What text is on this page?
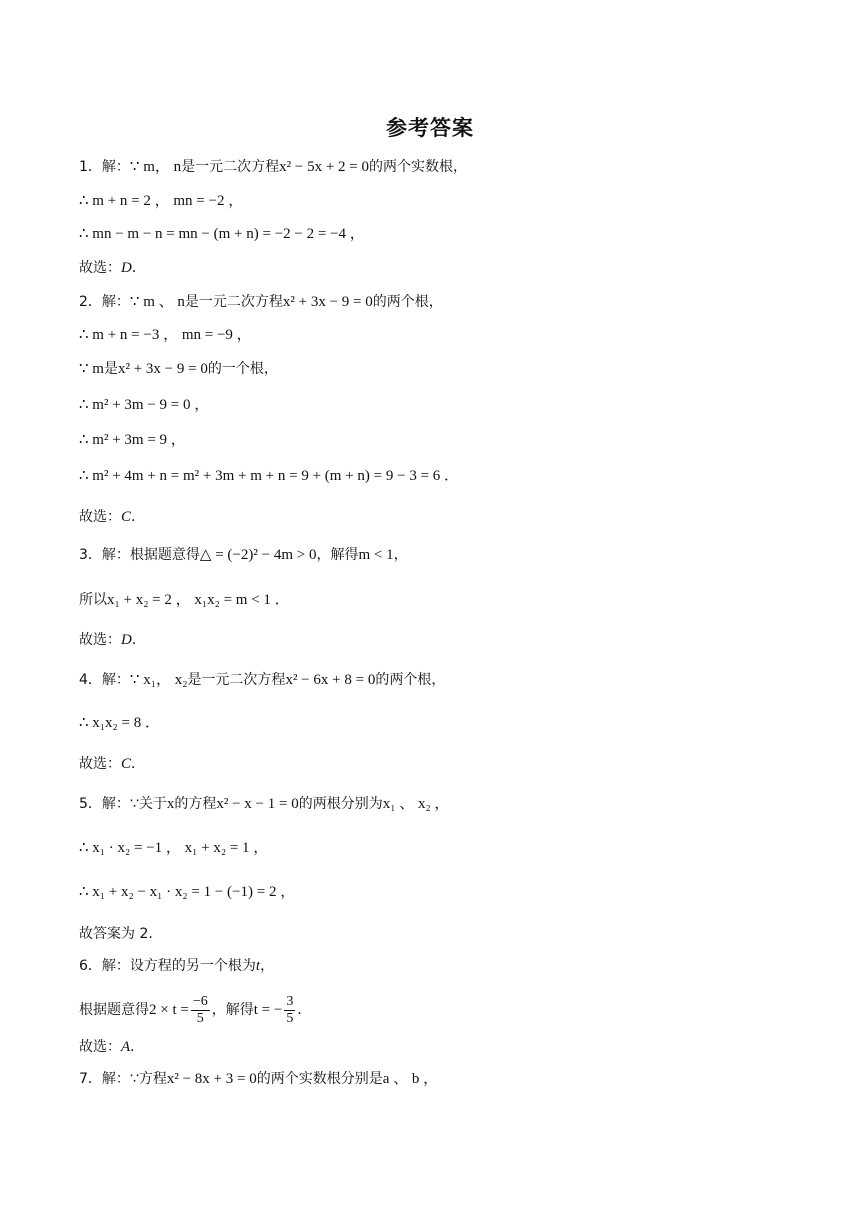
参考答案
1．解：∵ m， n是一元二次方程x² − 5x + 2 = 0的两个实数根，
∴ m + n = 2 ， mn = −2 ，
∴ mn − m − n = mn − (m + n) = −2 − 2 = −4 ，
故选：D．
2．解：∵ m 、 n是一元二次方程x² + 3x − 9 = 0的两个根，
∴ m + n = −3 ， mn = −9 ，
∵ m是x² + 3x − 9 = 0的一个根，
∴ m² + 3m − 9 = 0 ，
∴ m² + 3m = 9 ，
∴ m² + 4m + n = m² + 3m + m + n = 9 + (m + n) = 9 − 3 = 6 ．
故选：C．
3．解：根据题意得△ = (−2)² − 4m > 0，解得m < 1，
所以x₁ + x₂ = 2 ， x₁x₂ = m < 1 ．
故选：D．
4．解：∵ x₁， x₂是一元二次方程x² − 6x + 8 = 0的两个根，
∴ x₁x₂ = 8 ．
故选：C．
5．解：∵关于x的方程x² − x − 1 = 0的两根分别为x₁ 、 x₂ ，
∴ x₁ · x₂ = −1 ， x₁ + x₂ = 1 ，
∴ x₁ + x₂ − x₁ · x₂ = 1 − (−1) = 2 ，
故答案为 2.
6．解：设方程的另一个根为t，
根据题意得$2 \times t = \frac{-6}{5}$ ，解得t = − $\frac{3}{5}$ ．
故选：A．
7．解：∵方程x² − 8x + 3 = 0的两个实数根分别是a 、 b ，
